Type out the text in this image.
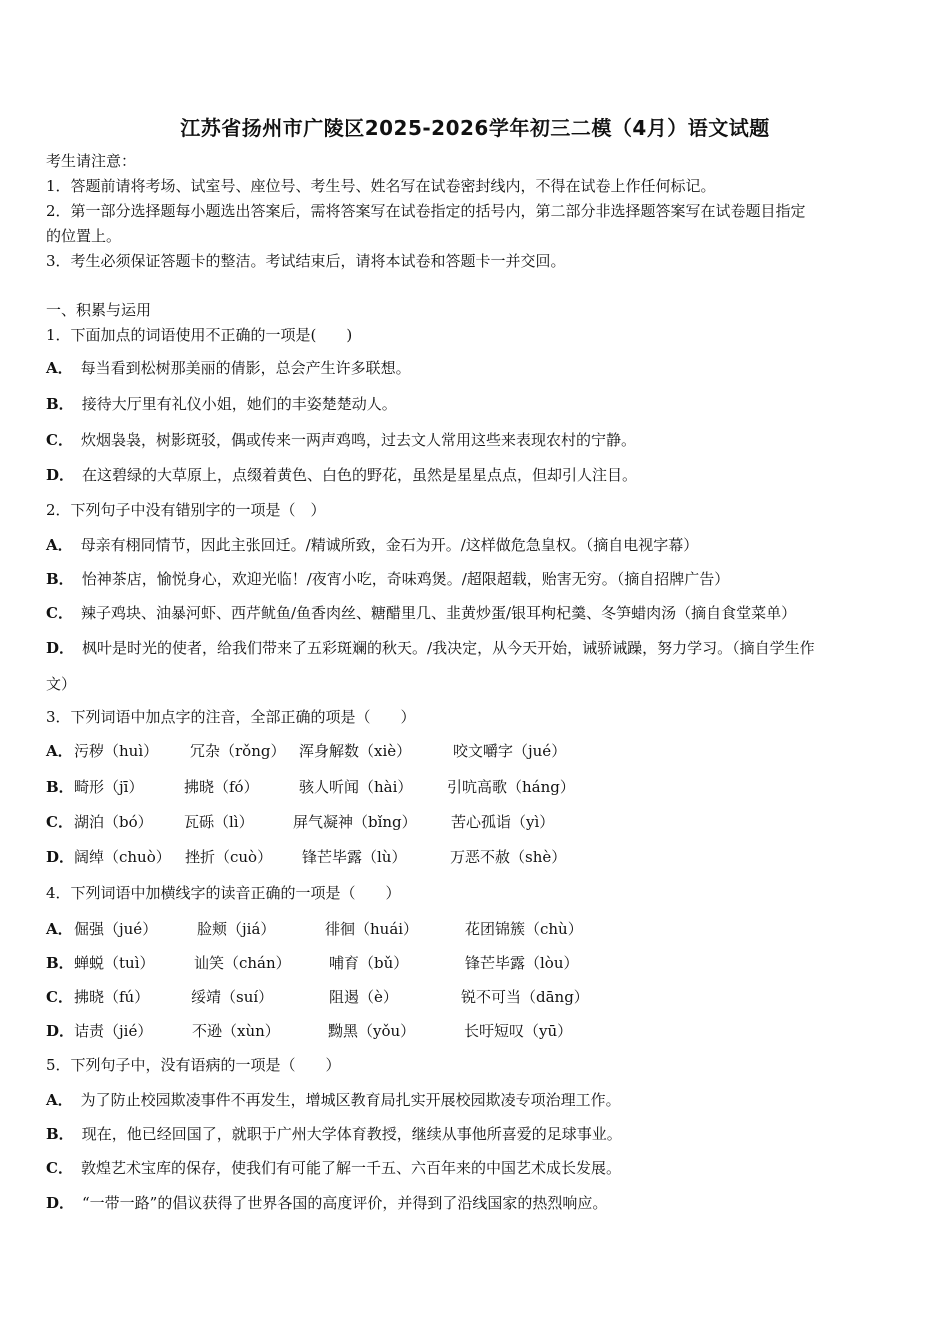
江苏省扬州市广陵区2025-2026学年初三二模（4月）语文试题
考生请注意：
1．答题前请将考场、试室号、座位号、考生号、姓名写在试卷密封线内，不得在试卷上作任何标记。
2．第一部分选择题每小题选出答案后，需将答案写在试卷指定的括号内，第二部分非选择题答案写在试卷题目指定
的位置上。
3．考生必须保证答题卡的整洁。考试结束后，请将本试卷和答题卡一并交回。
一、积累与运用
1．下面加点的词语使用不正确的一项是(　　)
A． 每当看到松树那美丽的倩影，总会产生许多联想。
B． 接待大厅里有礼仪小姐，她们的丰姿楚楚动人。
C． 炊烟袅袅，树影斑驳，偶或传来一两声鸡鸣，过去文人常用这些来表现农村的宁静。
D． 在这碧绿的大草原上，点缀着黄色、白色的野花，虽然是星星点点，但却引人注目。
2．下列句子中没有错别字的一项是（　）
A． 母亲有栩同情节，因此主张回迁。/精诚所致，金石为开。/这样做危急皇权。（摘自电视字幕）
B． 怡神茶店，愉悦身心，欢迎光临！/夜宵小吃，奇味鸡煲。/超限超载，贻害无穷。（摘自招牌广告）
C． 辣子鸡块、油暴河虾、西芹鱿鱼/鱼香肉丝、糖醋里几、韭黄炒蛋/银耳枸杞羹、冬笋蜡肉汤（摘自食堂菜单）
D． 枫叶是时光的使者，给我们带来了五彩斑斓的秋天。/我决定，从今天开始，诫骄诫躁，努力学习。（摘自学生作
文）
3．下列词语中加点字的注音，全部正确的项是（　　）
A． 污秽（huì） 冗杂（rǒng） 浑身解数（xiè）	咬文嚼字（jué）
B． 畸形（jī）	拂晓（fó）	骇人听闻（hài） 引吭高歌（háng）
C． 湖泊（bó） 瓦砾（lì）	屏气凝神（bǐng） 苦心孤诣（yì）
D． 阔绰（chuò） 挫折（cuò） 锋芒毕露（lù）	万恶不赦（shè）
4．下列词语中加横线字的读音正确的一项是（　　）
A． 倔强（jué）	脸颊（jiá）	徘徊（huái）	花团锦簇（chù）
B． 蝉蜕（tuì）	讪笑（chán）	哺育（bǔ）	锋芒毕露（lòu）
C． 拂晓（fú）	绥靖（suí）	阻遏（è）	锐不可当（dāng）
D． 诘责（jié）	不逊（xùn）	黝黑（yǒu）	长吁短叹（yū）
5．下列句子中，没有语病的一项是（　　）
A． 为了防止校园欺凌事件不再发生，增城区教育局扎实开展校园欺凌专项治理工作。
B． 现在，他已经回国了，就职于广州大学体育教授，继续从事他所喜爱的足球事业。
C． 敦煌艺术宝库的保存，使我们有可能了解一千五、六百年来的中国艺术成长发展。
D． “一带一路”的倡议获得了世界各国的高度评价，并得到了沿线国家的热烈响应。
